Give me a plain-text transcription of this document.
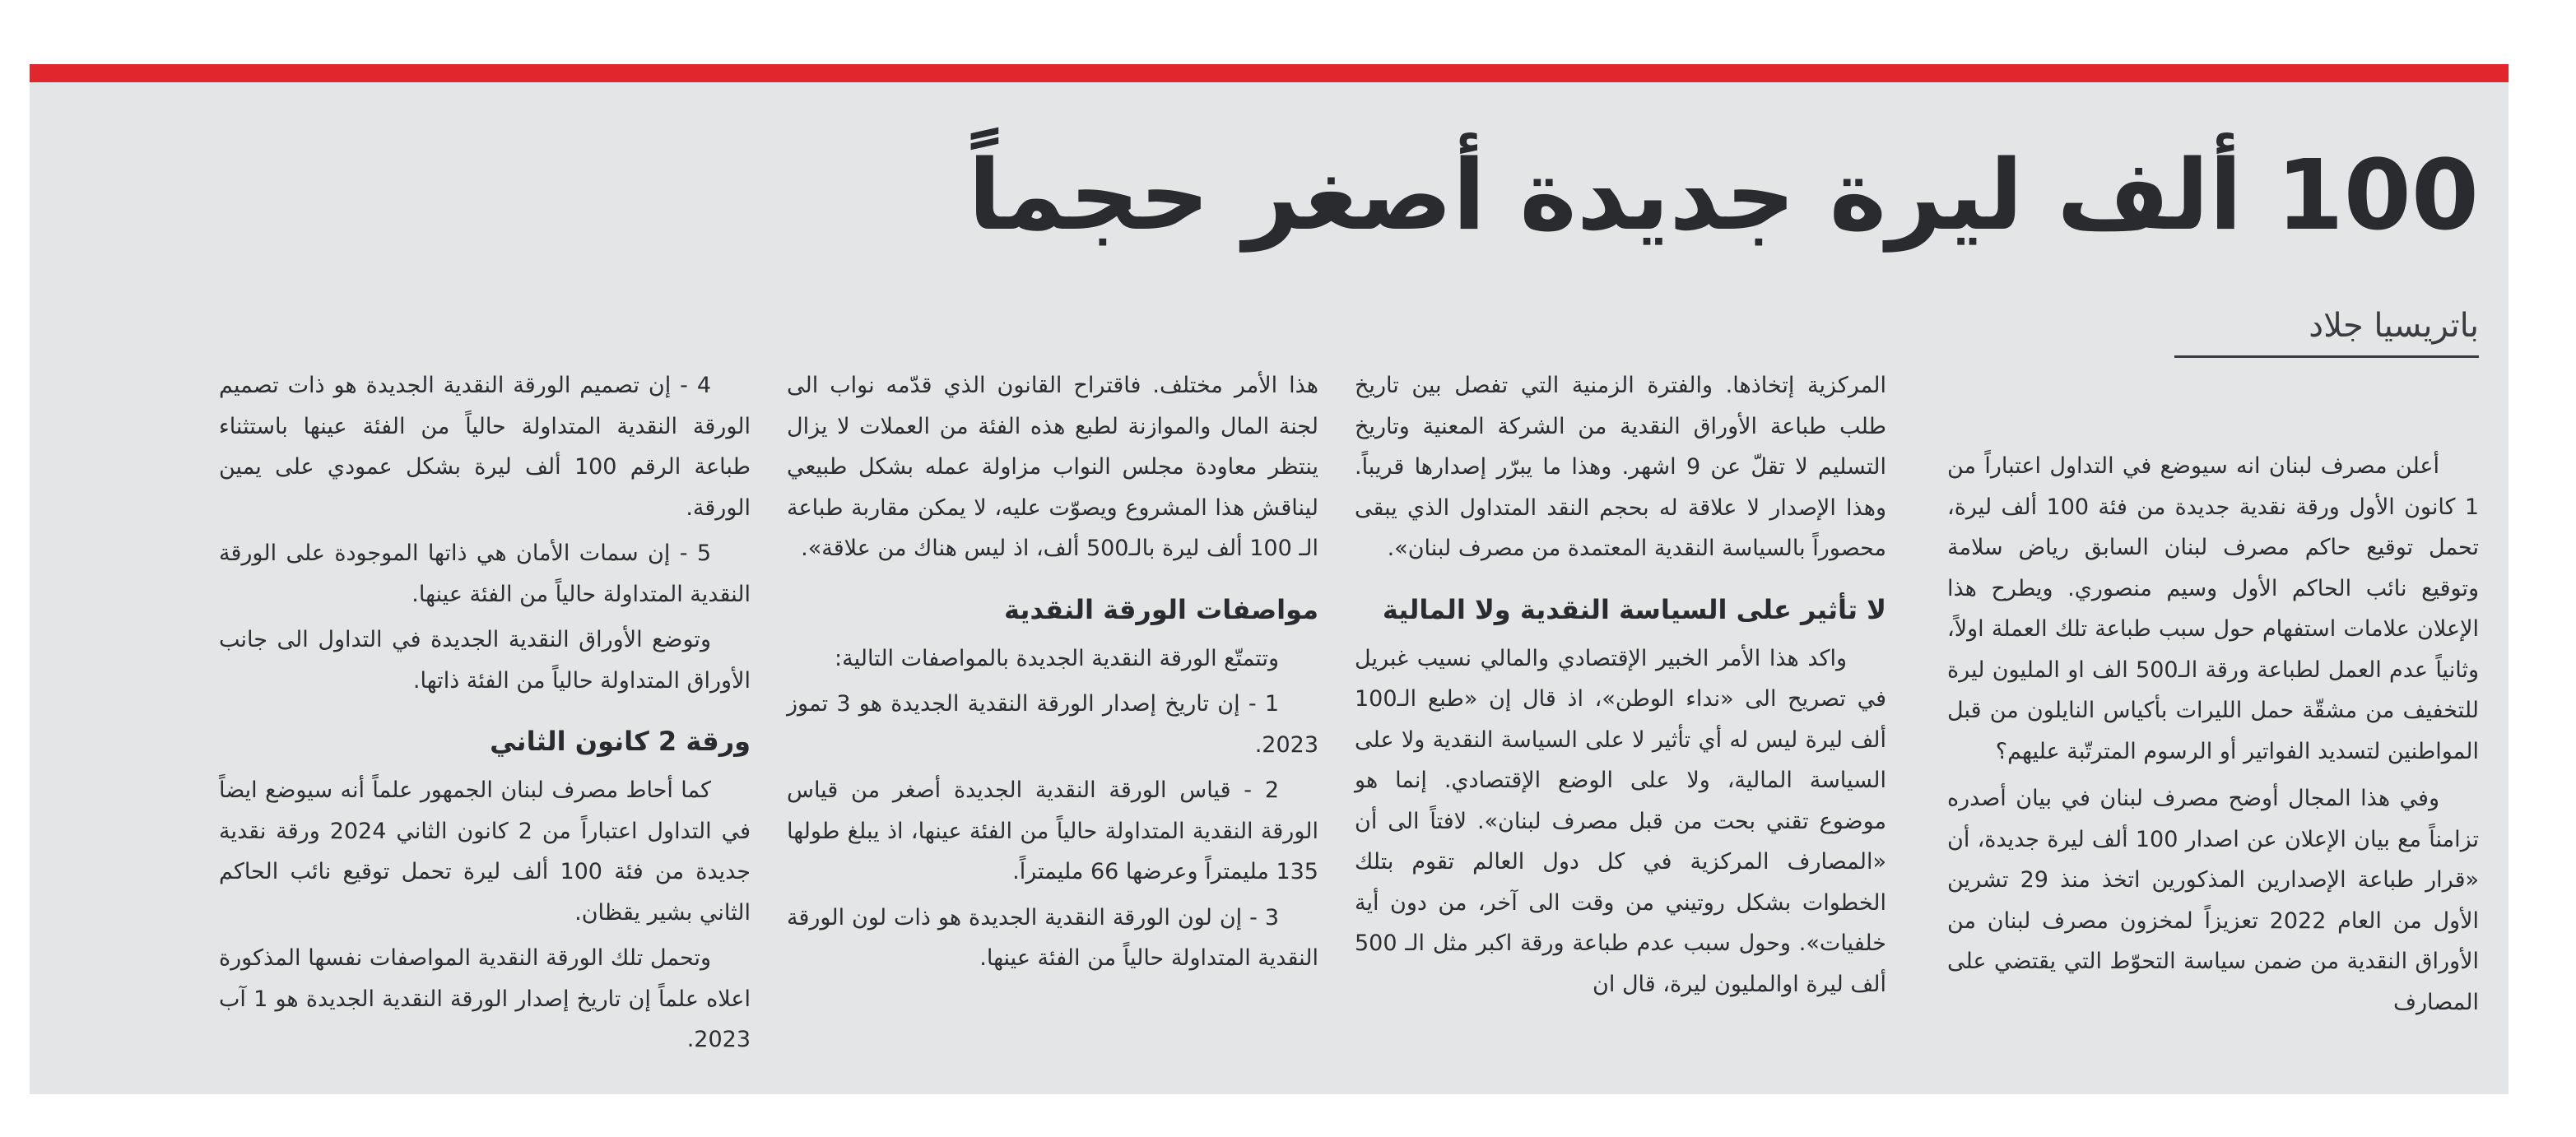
100 ألف ليرة جديدة أصغر حجماً
باتريسيا جلاد

أعلن مصرف لبنان انه سيوضع في التداول اعتباراً من 1 كانون الأول ورقة نقدية جديدة من فئة 100 ألف ليرة، تحمل توقيع حاكم مصرف لبنان السابق رياض سلامة وتوقيع نائب الحاكم الأول وسيم منصوري. ويطرح هذا الإعلان علامات استفهام حول سبب طباعة تلك العملة اولاً، وثانياً عدم العمل لطباعة ورقة الـ500 الف او المليون ليرة للتخفيف من مشقّة حمل الليرات بأكياس النايلون من قبل المواطنين لتسديد الفواتير أو الرسوم المترتّبة عليهم؟

وفي هذا المجال أوضح مصرف لبنان في بيان أصدره تزامناً مع بيان الإعلان عن اصدار 100 ألف ليرة جديدة، أن «قرار طباعة الإصدارين المذكورين اتخذ منذ 29 تشرين الأول من العام 2022 تعزيزاً لمخزون مصرف لبنان من الأوراق النقدية من ضمن سياسة التحوّط التي يقتضي على المصارف

المركزية إتخاذها. والفترة الزمنية التي تفصل بين تاريخ طلب طباعة الأوراق النقدية من الشركة المعنية وتاريخ التسليم لا تقلّ عن 9 اشهر. وهذا ما يبرّر إصدارها قريباً. وهذا الإصدار لا علاقة له بحجم النقد المتداول الذي يبقى محصوراً بالسياسة النقدية المعتمدة من مصرف لبنان».

لا تأثير على السياسة النقدية ولا المالية

واكد هذا الأمر الخبير الإقتصادي والمالي نسيب غبريل في تصريح الى «نداء الوطن»، اذ قال إن «طبع الـ100 ألف ليرة ليس له أي تأثير لا على السياسة النقدية ولا على السياسة المالية، ولا على الوضع الإقتصادي. إنما هو موضوع تقني بحت من قبل مصرف لبنان». لافتاً الى أن «المصارف المركزية في كل دول العالم تقوم بتلك الخطوات بشكل روتيني من وقت الى آخر، من دون أية خلفيات». وحول سبب عدم طباعة ورقة اكبر مثل الـ 500 ألف ليرة اوالمليون ليرة، قال ان

هذا الأمر مختلف. فاقتراح القانون الذي قدّمه نواب الى لجنة المال والموازنة لطبع هذه الفئة من العملات لا يزال ينتظر معاودة مجلس النواب مزاولة عمله بشكل طبيعي ليناقش هذا المشروع ويصوّت عليه، لا يمكن مقاربة طباعة الـ 100 ألف ليرة بالـ500 ألف، اذ ليس هناك من علاقة».

مواصفات الورقة النقدية

وتتمتّع الورقة النقدية الجديدة بالمواصفات التالية:

1 - إن تاريخ إصدار الورقة النقدية الجديدة هو 3 تموز 2023.

2 - قياس الورقة النقدية الجديدة أصغر من قياس الورقة النقدية المتداولة حالياً من الفئة عينها، اذ يبلغ طولها 135 مليمتراً وعرضها 66 مليمتراً.

3 - إن لون الورقة النقدية الجديدة هو ذات لون الورقة النقدية المتداولة حالياً من الفئة عينها.

4 - إن تصميم الورقة النقدية الجديدة هو ذات تصميم الورقة النقدية المتداولة حالياً من الفئة عينها باستثناء طباعة الرقم 100 ألف ليرة بشكل عمودي على يمين الورقة.

5 - إن سمات الأمان هي ذاتها الموجودة على الورقة النقدية المتداولة حالياً من الفئة عينها.

وتوضع الأوراق النقدية الجديدة في التداول الى جانب الأوراق المتداولة حالياً من الفئة ذاتها.

ورقة 2 كانون الثاني

كما أحاط مصرف لبنان الجمهور علماً أنه سيوضع ايضاً في التداول اعتباراً من 2 كانون الثاني 2024 ورقة نقدية جديدة من فئة 100 ألف ليرة تحمل توقيع نائب الحاكم الثاني بشير يقظان.

وتحمل تلك الورقة النقدية المواصفات نفسها المذكورة اعلاه علماً إن تاريخ إصدار الورقة النقدية الجديدة هو 1 آب 2023.
